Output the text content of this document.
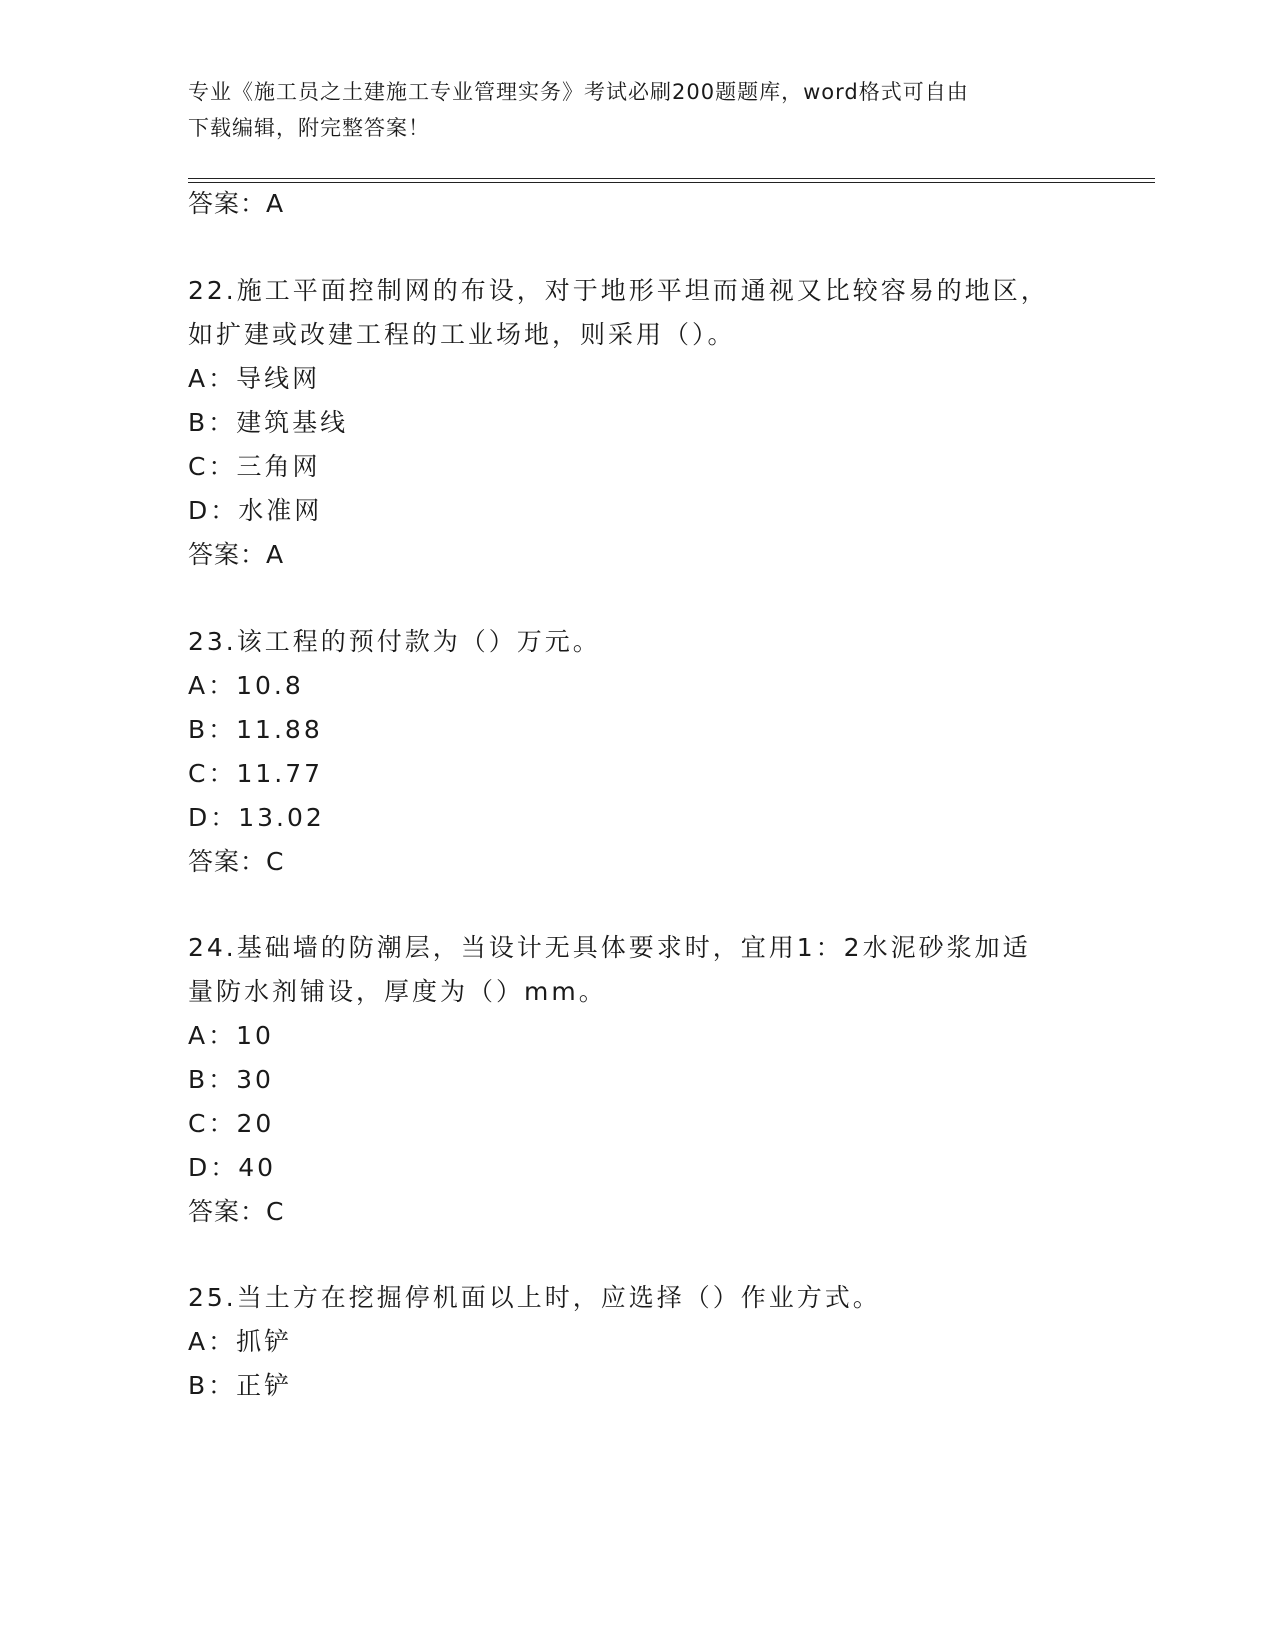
专业《施工员之土建施工专业管理实务》考试必刷200题题库，word格式可自由
下载编辑，附完整答案！
答案：A
22.施工平面控制网的布设，对于地形平坦而通视又比较容易的地区，
如扩建或改建工程的工业场地，则采用（）。
A：导线网
B：建筑基线
C：三角网
D：水准网
答案：A
23.该工程的预付款为（）万元。
A：10.8
B：11.88
C：11.77
D：13.02
答案：C
24.基础墙的防潮层，当设计无具体要求时，宜用1：2水泥砂浆加适
量防水剂铺设，厚度为（）mm。
A：10
B：30
C：20
D：40
答案：C
25.当土方在挖掘停机面以上时，应选择（）作业方式。
A：抓铲
B：正铲
